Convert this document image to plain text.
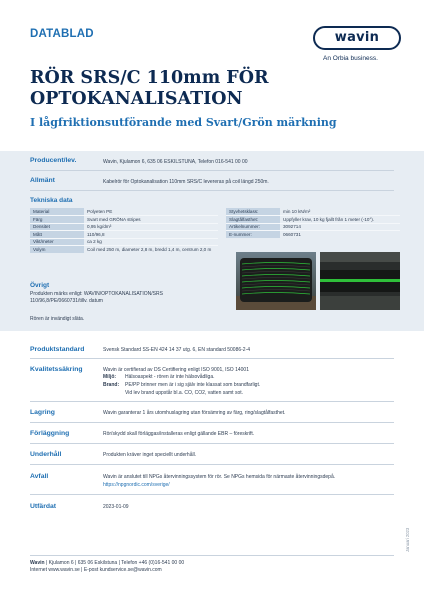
DATABLAD	wavin
An Orbia business.
RÖR SRS/C 110mm FÖR OPTOKANALISATION
I lågfriktionsutförande med Svart/Grön märkning
Producent/lev.	Wavin, Kjulamon 6, 635 06 ESKILSTUNA, Telefon 016-541 00 00
Allmänt	Kabelrör för Optokanalisation 110mm SRS/C levereras på coil längd 250m.
Tekniska data
Material	Polyeten PE
Färg	Svart med GRÖNA stripes
Densitet	0,95 kg/dm³
Mått	110/96,8
Vikt/meter	ca 2 kg
Volym	Coil med 250 m, diameter 2,8 m, bredd 1,4 m, centrum 2,0 m
Styvhetsklass:	min 10 kN/m²
Slagtålfasthet:	Uppfyller krav, 10 kg fjallt från 1 meter (-10°).
Artikelnummer:	3092714
E-nummer:	0660731
Övrigt
Produkten märks enligt: WAVIN/OPTOKANALISATION/SRS
110/96,8/PE/0660731/tillv. datum
Rören är invändigt släta.
Produktstandard	Svensk Standard SS-EN 424 14 37 utg. 6, EN standard 50086-2-4
Kvalitetssäkring	Wavin är certifierad av DS Certifiering enligt ISO 9001, ISO 14001
Miljö: Hälsoaspekt - rören är inte hälsovådliga.
Brand: PE/PP brinner men är i sig själv inte klassat som brandfarligt.
Vid lev brand uppstår bl.a. CO, CO2, vatten samt sot.
Lagring	Wavin garanterar 1 års utomhuslagring utan försämring av färg, ring/slagtålfasthet.
Förläggning	Rör/skydd skall förläggas/installeras enligt gällande EBR – föreskrift.
Underhåll	Produkten kräver inget speciellt underhåll.
Avfall	Wavin är anslutet till NPGs återvinningssystem för rör. Se NPGs hemsida för närmaste återvinningsdepå.
https://npgnordic.com/sverige/
Utfärdat	2023-01-09
Wavin | Kjulamon 6 | 635 06 Eskilstuna | Telefon +46 (0)16-541 00 00
Internet www.wavin.se | E-post kundservice.se@wavin.com
Januari 2023
